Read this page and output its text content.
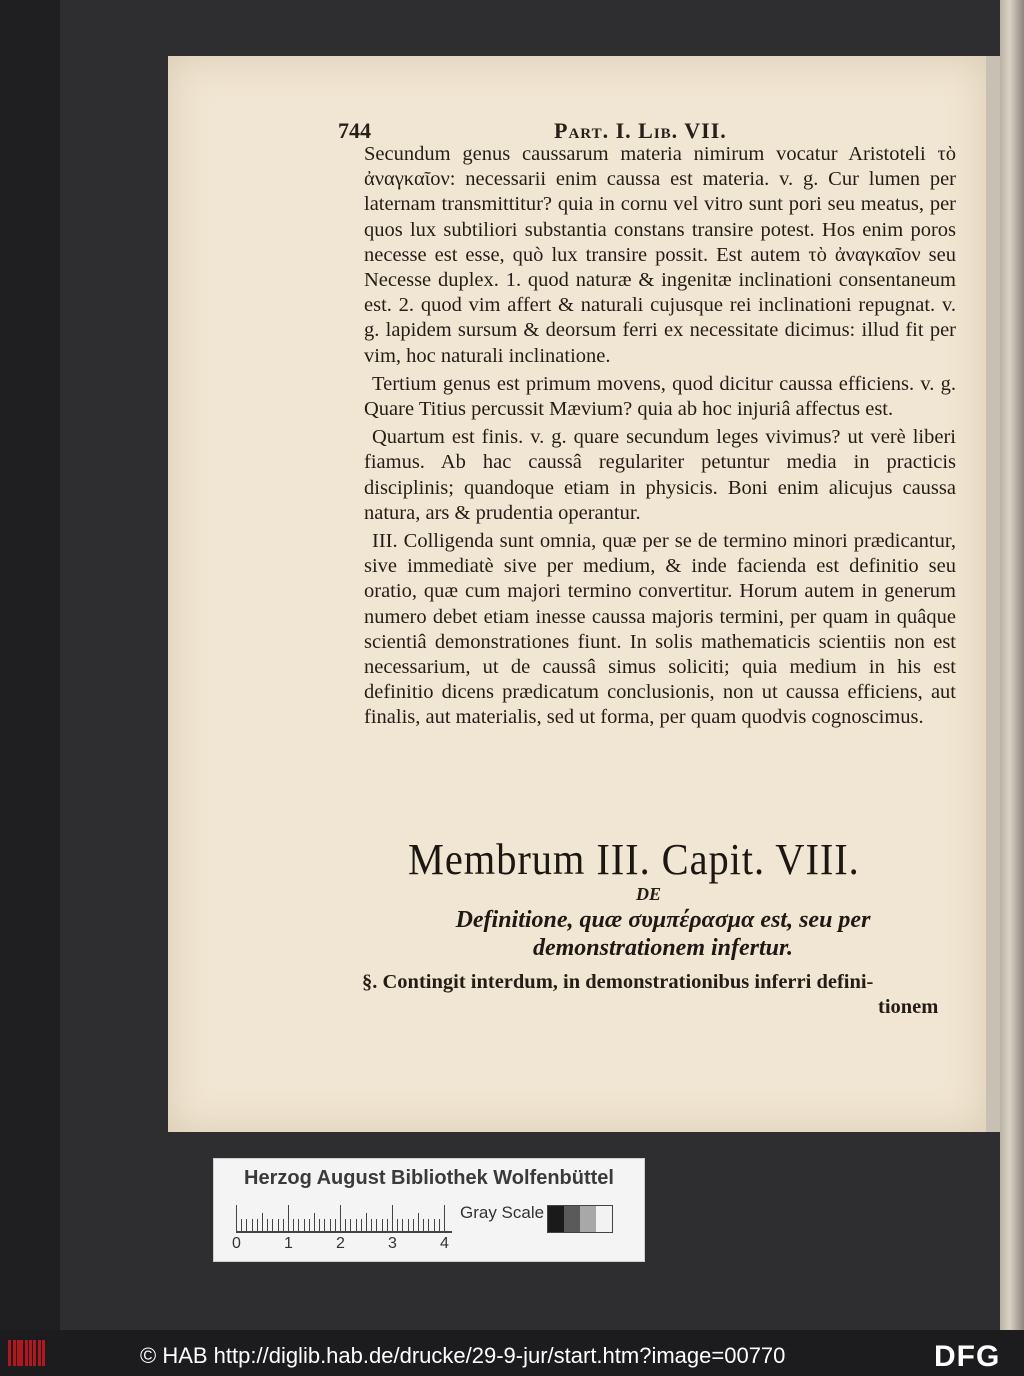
744	Part. I. Lib. VII.

Secundum genus caussarum materia nimirum vocatur Aristoteli τὸ ἀναγκαῖον: necessarii enim caussa est materia. v. g. Cur lumen per laternam transmittitur? quia in cornu vel vitro sunt pori seu meatus, per quos lux subtiliori substantia constans transire potest. Hos enim poros necesse est esse, quò lux transire possit. Est autem τὸ ἀναγκαῖον seu Necesse duplex. 1. quod naturæ & ingenitæ inclinationi consentaneum est. 2. quod vim affert & naturali cujusque rei inclinationi repugnat. v. g. lapidem sursum & deorsum ferri ex necessitate dicimus: illud fit per vim, hoc naturali inclinatione.

Tertium genus est primum movens, quod dicitur caussa efficiens. v. g. Quare Titius percussit Mævium? quia ab hoc injuriâ affectus est.

Quartum est finis. v. g. quare secundum leges vivimus? ut verè liberi fiamus. Ab hac caussâ regulariter petuntur media in practicis disciplinis; quandoque etiam in physicis. Boni enim alicujus caussa natura, ars & prudentia operantur.

III. Colligenda sunt omnia, quæ per se de termino minori prædicantur, sive immediatè sive per medium, & inde facienda est definitio seu oratio, quæ cum majori termino convertitur. Horum autem in generum numero debet etiam inesse caussa majoris termini, per quam in quâque scientiâ demonstrationes fiunt. In solis mathematicis scientiis non est necessarium, ut de caussâ simus soliciti; quia medium in his est definitio dicens prædicatum conclusionis, non ut caussa efficiens, aut finalis, aut materialis, sed ut forma, per quam quodvis cognoscimus.

Membrum III. Capit. VIII.
DE
Definitione, quæ συμπέρασμα est, seu per demonstrationem infertur.
§. Contingit interdum, in demonstrationibus inferri defini-
tionem
Herzog August Bibliothek Wolfenbüttel
0	1	2	3	4
Gray Scale
© HAB http://diglib.hab.de/drucke/29-9-jur/start.htm?image=00770	DFG
